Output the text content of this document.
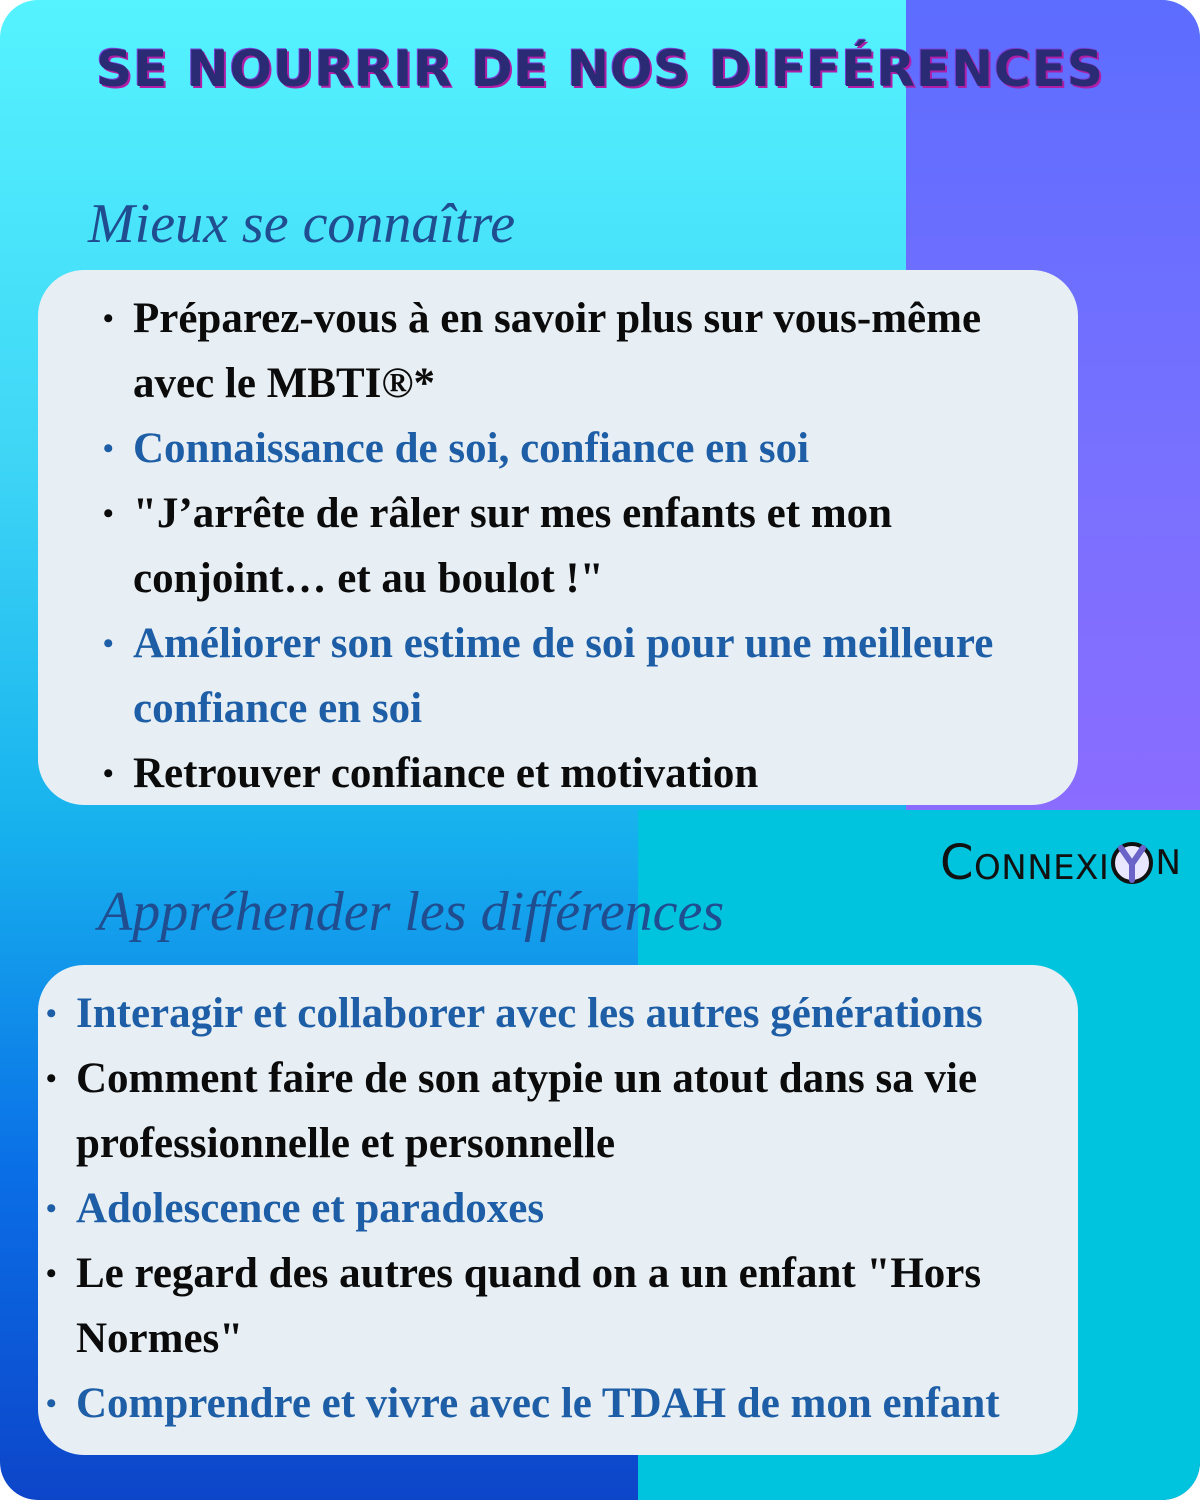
SE NOURRIR DE NOS DIFFÉRENCES
Mieux se connaître
• Préparez-vous à en savoir plus sur vous-même
avec le MBTI®*
• Connaissance de soi, confiance en soi
• "J’arrête de râler sur mes enfants et mon
conjoint… et au boulot !"
• Améliorer son estime de soi pour une meilleure
confiance en soi
• Retrouver confiance et motivation
CONNEXI N
Appréhender les différences
• Interagir et collaborer avec les autres générations
• Comment faire de son atypie un atout dans sa vie
professionnelle et personnelle
• Adolescence et paradoxes
• Le regard des autres quand on a un enfant "Hors
Normes"
• Comprendre et vivre avec le TDAH de mon enfant
